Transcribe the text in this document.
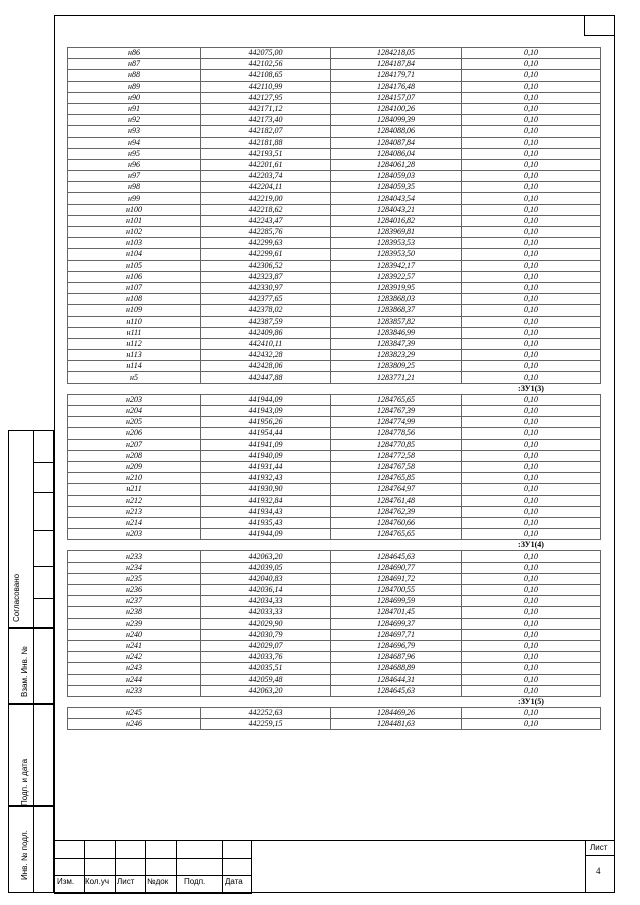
н86	442075,00	1284218,05	0,10
н87	442102,56	1284187,84	0,10
н88	442108,65	1284179,71	0,10
н89	442110,99	1284176,48	0,10
н90	442127,95	1284157,07	0,10
н91	442171,12	1284100,26	0,10
н92	442173,40	1284099,39	0,10
н93	442182,07	1284088,06	0,10
н94	442181,88	1284087,84	0,10
н95	442193,51	1284086,04	0,10
н96	442201,61	1284061,28	0,10
н97	442203,74	1284059,03	0,10
н98	442204,11	1284059,35	0,10
н99	442219,00	1284043,54	0,10
н100	442218,62	1284043,21	0,10
н101	442243,47	1284016,82	0,10
н102	442285,76	1283969,81	0,10
н103	442299,63	1283953,53	0,10
н104	442299,61	1283953,50	0,10
н105	442306,52	1283942,17	0,10
н106	442323,87	1283922,57	0,10
н107	442330,97	1283919,95	0,10
н108	442377,65	1283868,03	0,10
н109	442378,02	1283868,37	0,10
н110	442387,59	1283857,82	0,10
н111	442409,86	1283846,99	0,10
н112	442410,11	1283847,39	0,10
н113	442432,28	1283823,29	0,10
н114	442428,06	1283809,25	0,10
н5	442447,88	1283771,21	0,10
			:ЗУ1(3)
н203	441944,09	1284765,65	0,10
н204	441943,09	1284767,39	0,10
н205	441956,26	1284774,99	0,10
н206	441954,44	1284778,56	0,10
н207	441941,09	1284770,85	0,10
н208	441940,09	1284772,58	0,10
н209	441931,44	1284767,58	0,10
н210	441932,43	1284765,85	0,10
н211	441930,90	1284764,97	0,10
н212	441932,84	1284761,48	0,10
н213	441934,43	1284762,39	0,10
н214	441935,43	1284760,66	0,10
н203	441944,09	1284765,65	0,10
			:ЗУ1(4)
н233	442063,20	1284645,63	0,10
н234	442039,05	1284690,77	0,10
н235	442040,83	1284691,72	0,10
н236	442036,14	1284700,55	0,10
н237	442034,33	1284699,59	0,10
н238	442033,33	1284701,45	0,10
н239	442029,90	1284699,37	0,10
н240	442030,79	1284697,71	0,10
н241	442029,07	1284696,79	0,10
н242	442033,76	1284687,96	0,10
н243	442035,51	1284688,89	0,10
н244	442059,48	1284644,31	0,10
н233	442063,20	1284645,63	0,10
			:ЗУ1(5)
н245	442252,63	1284469,26	0,10
н246	442259,15	1284481,63	0,10
Согласовано
Взам. Инв. №
Подп. и дата
Инв. № подл.
Изм. Кол.уч Лист №док Подп. Дата
Лист
4
